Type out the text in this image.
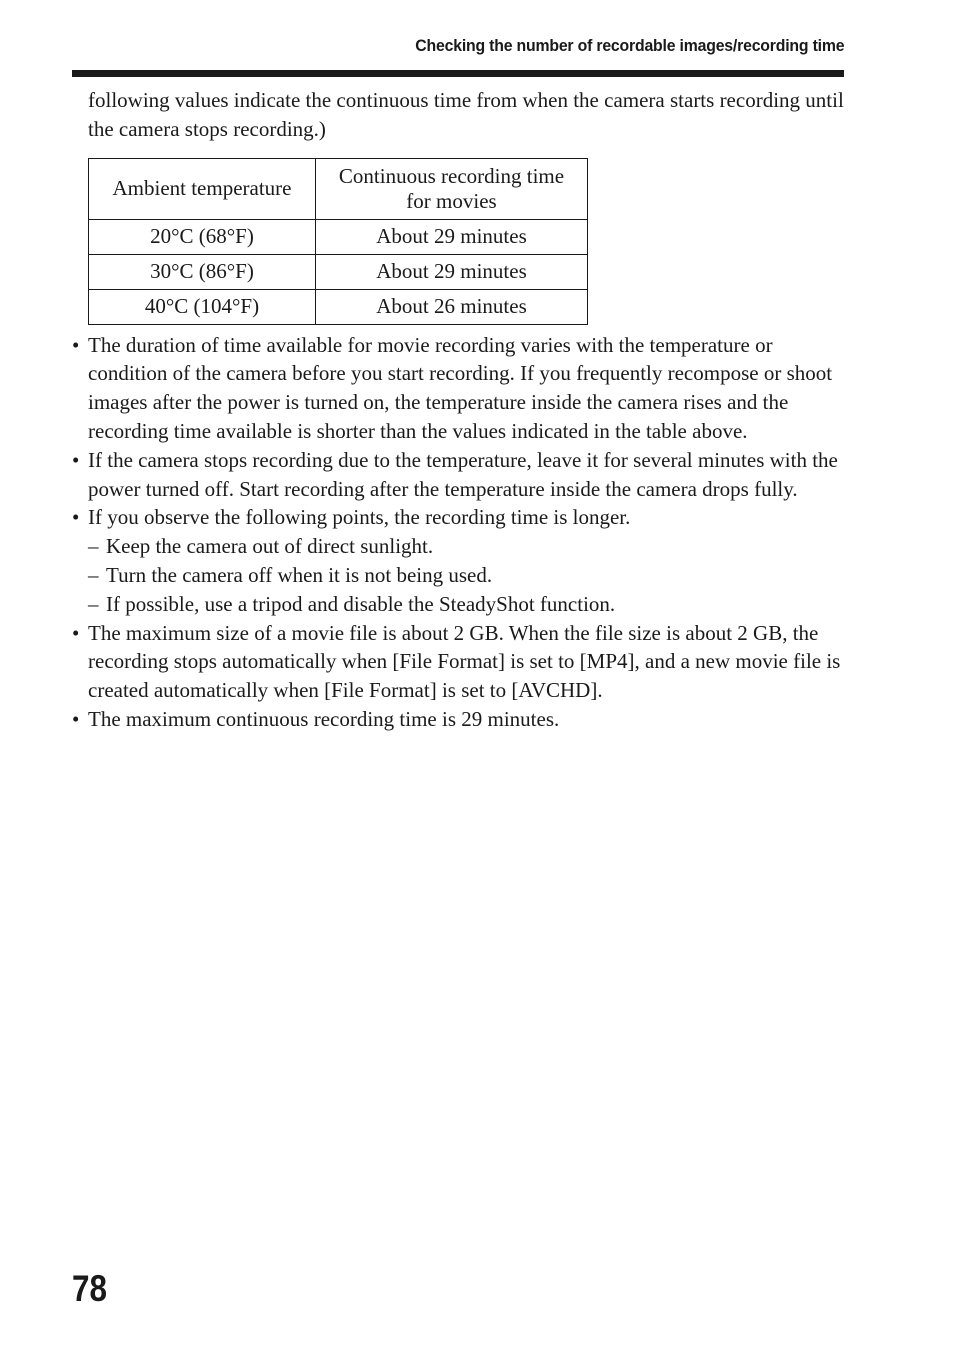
Checking the number of recordable images/recording time

following values indicate the continuous time from when the camera starts recording until the camera stops recording.)

Ambient temperature	Continuous recording time for movies
20°C (68°F)	About 29 minutes
30°C (86°F)	About 29 minutes
40°C (104°F)	About 26 minutes
• The duration of time available for movie recording varies with the temperature or condition of the camera before you start recording. If you frequently recompose or shoot images after the power is turned on, the temperature inside the camera rises and the recording time available is shorter than the values indicated in the table above.
• If the camera stops recording due to the temperature, leave it for several minutes with the power turned off. Start recording after the temperature inside the camera drops fully.
• If you observe the following points, the recording time is longer.
– Keep the camera out of direct sunlight.
– Turn the camera off when it is not being used.
– If possible, use a tripod and disable the SteadyShot function.
• The maximum size of a movie file is about 2 GB. When the file size is about 2 GB, the recording stops automatically when [File Format] is set to [MP4], and a new movie file is created automatically when [File Format] is set to [AVCHD].
• The maximum continuous recording time is 29 minutes.
78
